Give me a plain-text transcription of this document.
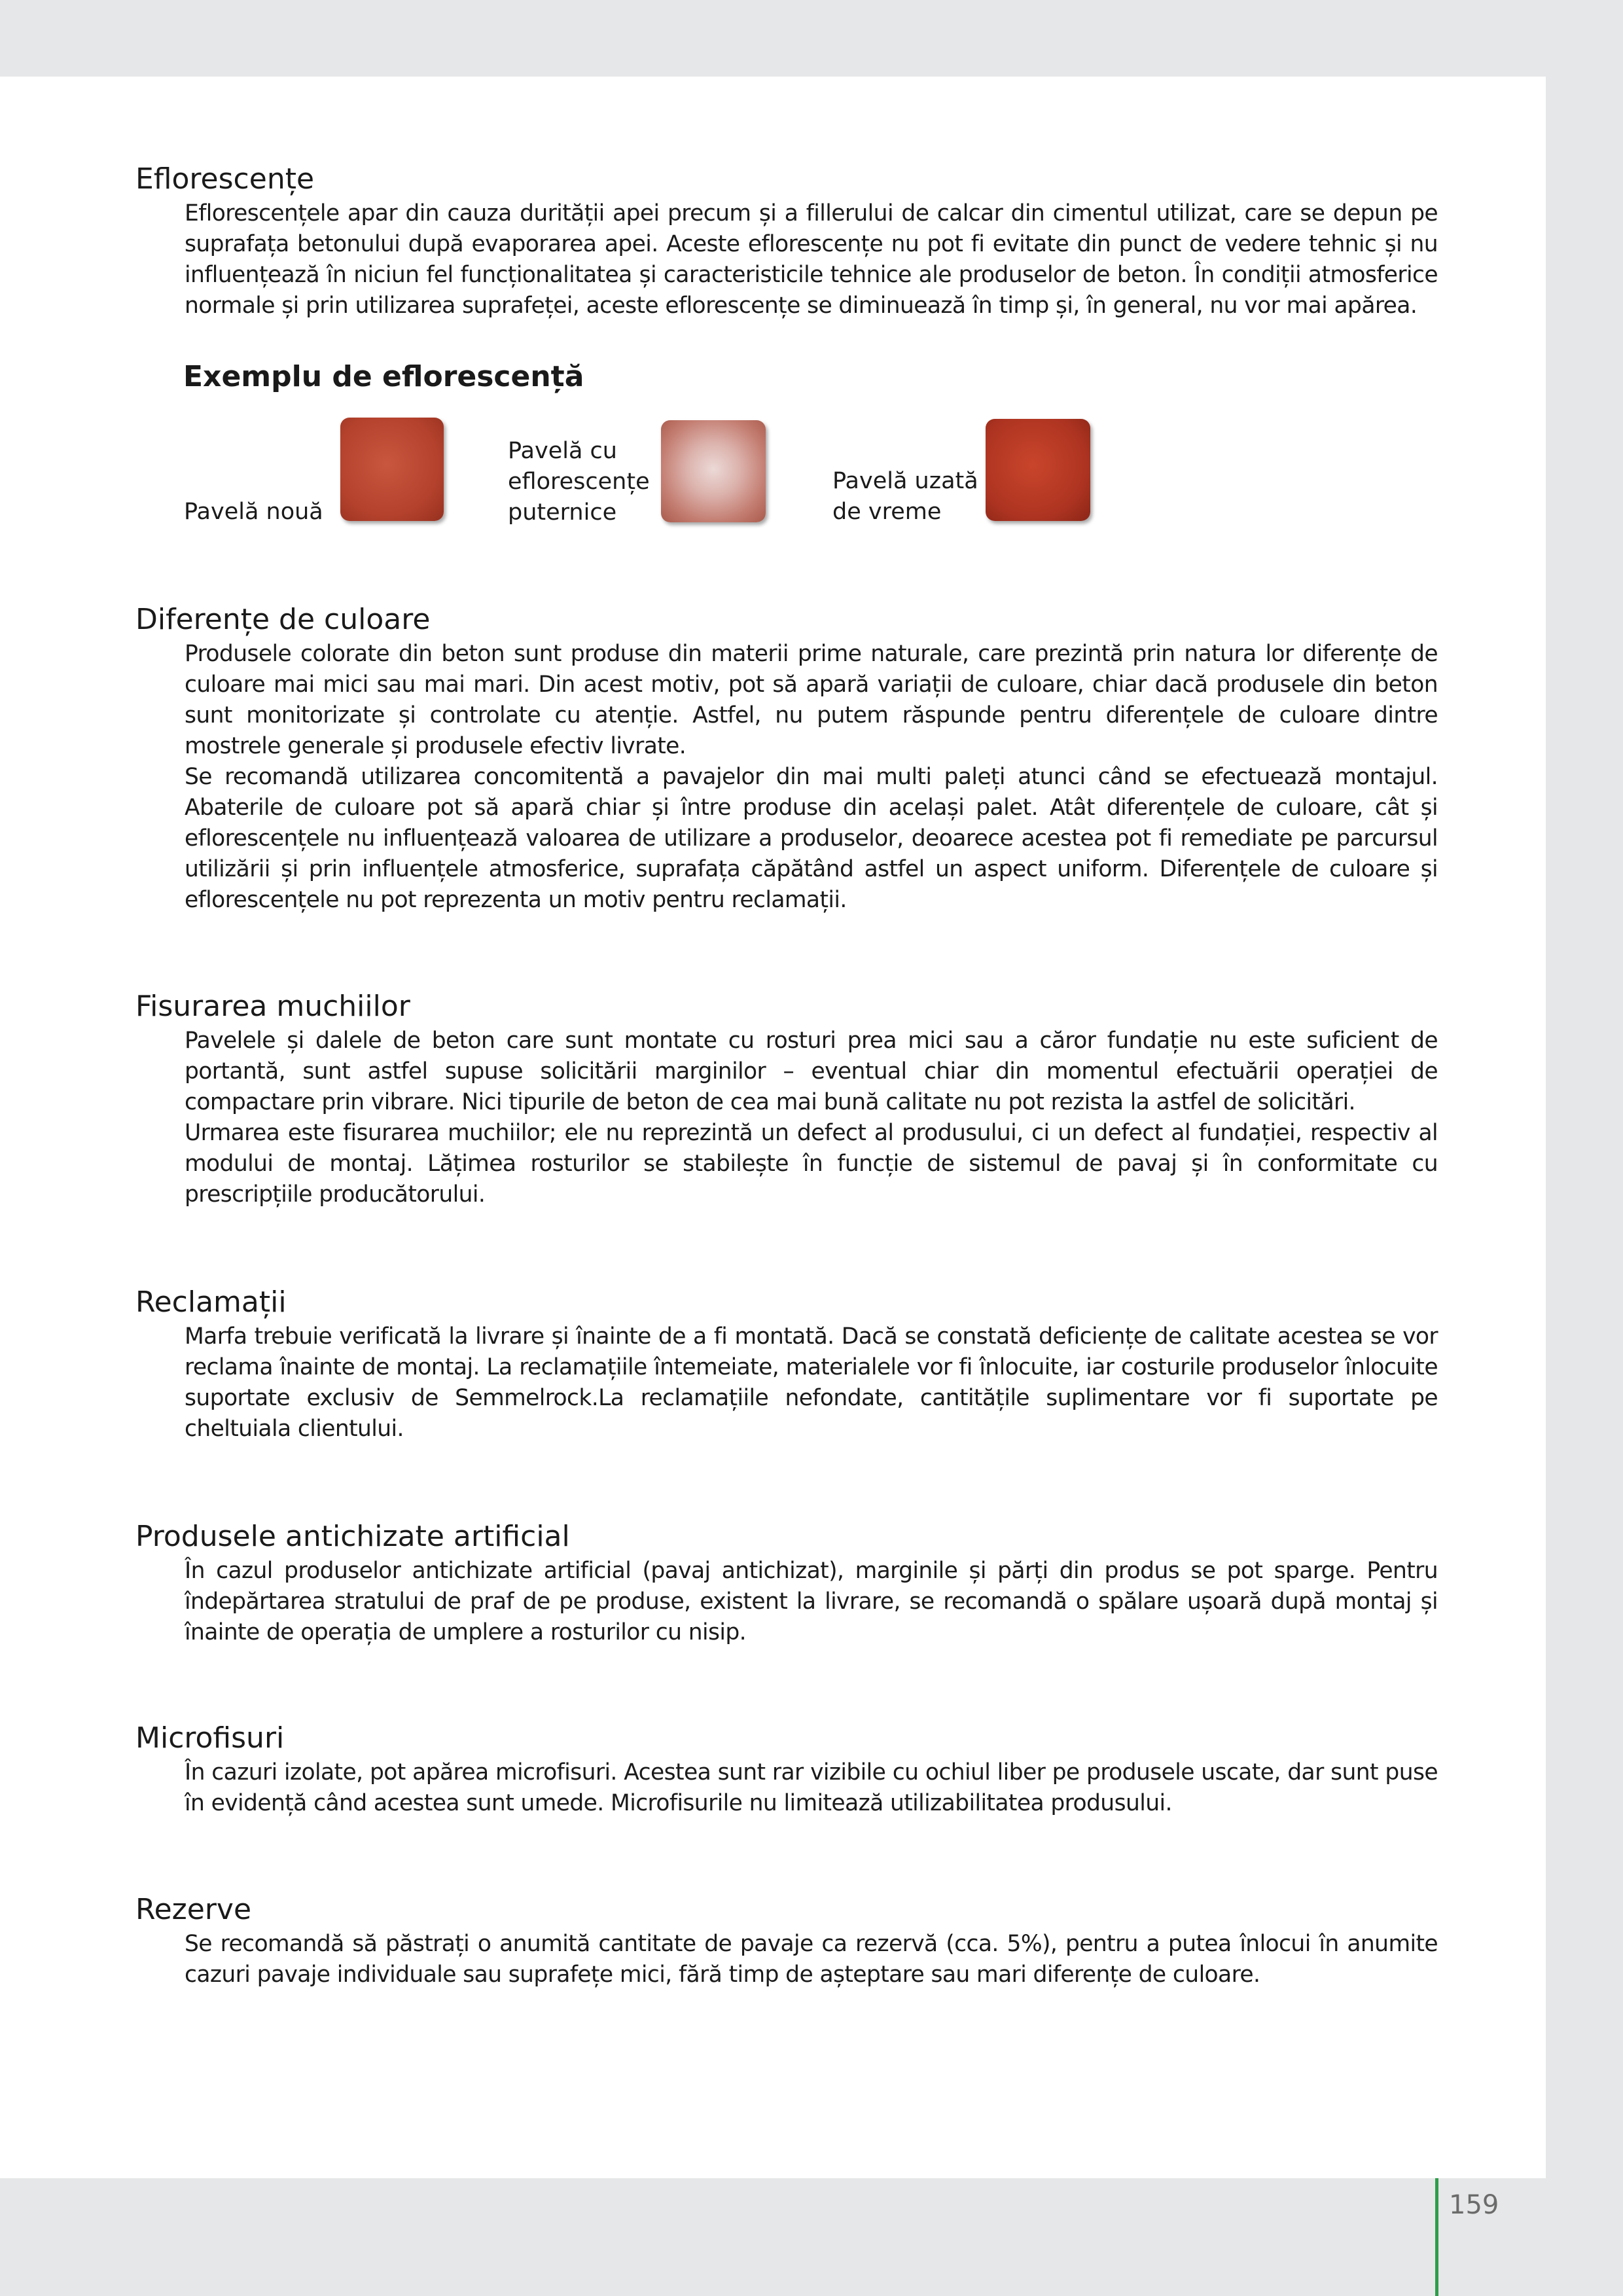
Eflorescențe

Eflorescențele apar din cauza durității apei precum și a fillerului de calcar din cimentul utilizat, care se depun pe suprafața betonului după evaporarea apei. Aceste eflorescențe nu pot fi evitate din punct de vedere tehnic și nu influențează în niciun fel funcționalitatea și caracteristicile tehnice ale produselor de beton. În condiții atmosferice normale și prin utilizarea suprafeței, aceste eflorescențe se diminuează în timp și, în general, nu vor mai apărea.

Exemplu de eflorescență
Pavelă nouă
Pavelă cu
eflorescențe
puternice
Pavelă uzată
de vreme
Diferențe de culoare

Produsele colorate din beton sunt produse din materii prime naturale, care prezintă prin natura lor diferențe de culoare mai mici sau mai mari. Din acest motiv, pot să apară variații de culoare, chiar dacă produsele din beton sunt monitorizate și controlate cu atenție. Astfel, nu putem răspunde pentru diferențele de culoare dintre mostrele generale și produsele efectiv livrate.

Se recomandă utilizarea concomitentă a pavajelor din mai multi paleți atunci când se efectuează montajul. Abaterile de culoare pot să apară chiar și între produse din același palet. Atât diferențele de culoare, cât și eflorescențele nu influențează valoarea de utilizare a produselor, deoarece acestea pot fi remediate pe parcursul utilizării și prin influențele atmosferice, suprafața căpătând astfel un aspect uniform. Diferențele de culoare și eflorescențele nu pot reprezenta un motiv pentru reclamații.

Fisurarea muchiilor

Pavelele și dalele de beton care sunt montate cu rosturi prea mici sau a căror fundație nu este suficient de portantă, sunt astfel supuse solicitării marginilor – eventual chiar din momentul efectuării operației de compactare prin vibrare. Nici tipurile de beton de cea mai bună calitate nu pot rezista la astfel de solicitări.

Urmarea este fisurarea muchiilor; ele nu reprezintă un defect al produsului, ci un defect al fundației, respectiv al modului de montaj. Lățimea rosturilor se stabilește în funcție de sistemul de pavaj și în conformitate cu prescripțiile producătorului.

Reclamații

Marfa trebuie verificată la livrare și înainte de a fi montată. Dacă se constată deficiențe de calitate acestea se vor reclama înainte de montaj. La reclamațiile întemeiate, materialele vor fi înlocuite, iar costurile produselor înlocuite suportate exclusiv de Semmelrock.La reclamațiile nefondate, cantitățile suplimentare vor fi suportate pe cheltuiala clientului.

Produsele antichizate artificial

În cazul produselor antichizate artificial (pavaj antichizat), marginile și părți din produs se pot sparge. Pentru îndepărtarea stratului de praf de pe produse, existent la livrare, se recomandă o spălare ușoară după montaj și înainte de operația de umplere a rosturilor cu nisip.

Microfisuri

În cazuri izolate, pot apărea microfisuri. Acestea sunt rar vizibile cu ochiul liber pe produsele uscate, dar sunt puse în evidență când acestea sunt umede. Microfisurile nu limitează utilizabilitatea produsului.

Rezerve

Se recomandă să păstrați o anumită cantitate de pavaje ca rezervă (cca. 5%), pentru a putea înlocui în anumite cazuri pavaje individuale sau suprafețe mici, fără timp de așteptare sau mari diferențe de culoare.

159
